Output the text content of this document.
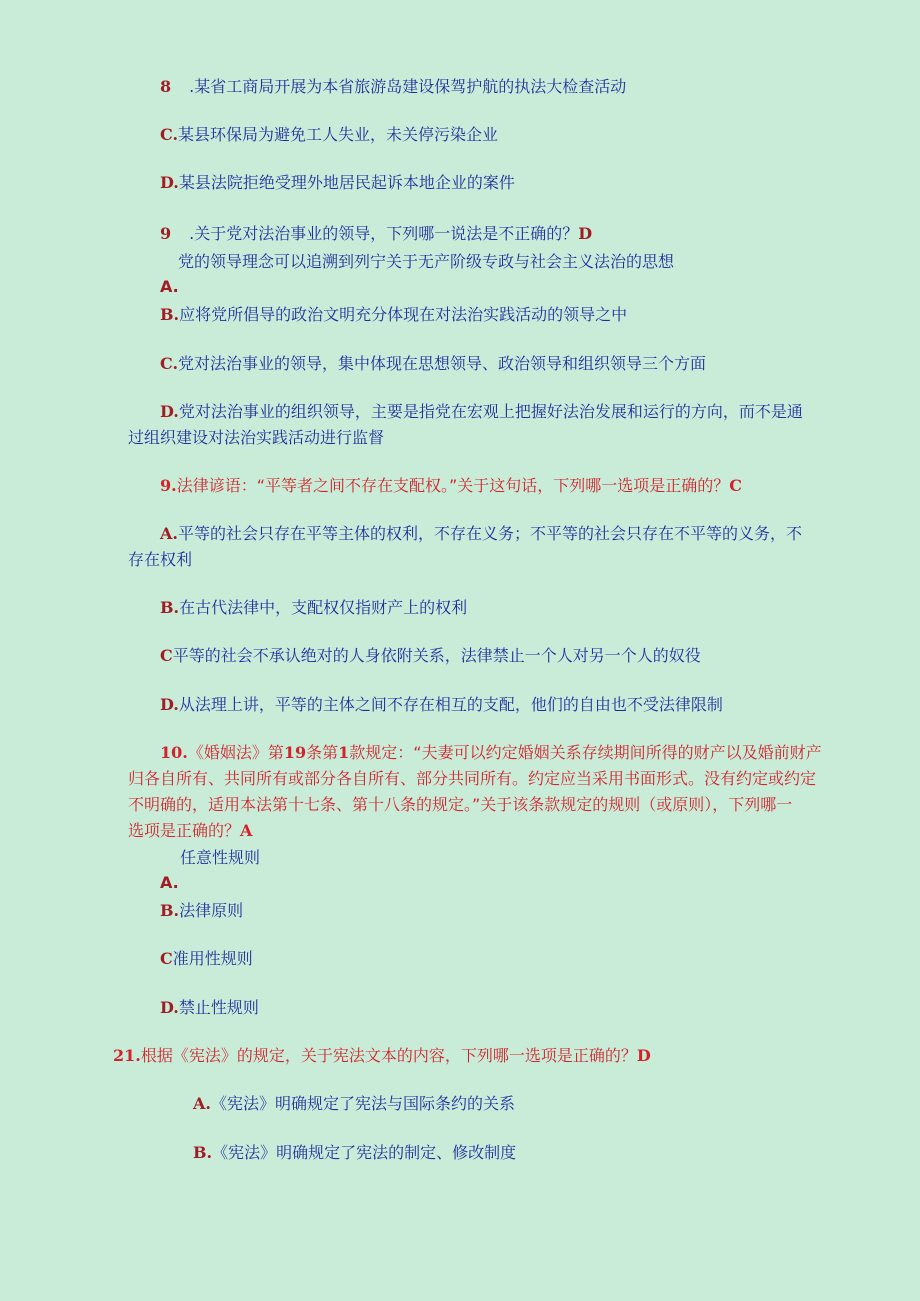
8 .某省工商局开展为本省旅游岛建设保驾护航的执法大检查活动
C.某县环保局为避免工人失业，未关停污染企业
D.某县法院拒绝受理外地居民起诉本地企业的案件
9 .关于党对法治事业的领导，下列哪一说法是不正确的？D
党的领导理念可以追溯到列宁关于无产阶级专政与社会主义法治的思想
A.
B.应将党所倡导的政治文明充分体现在对法治实践活动的领导之中
C.党对法治事业的领导，集中体现在思想领导、政治领导和组织领导三个方面
D.党对法治事业的组织领导，主要是指党在宏观上把握好法治发展和运行的方向，而不是通
过组织建设对法治实践活动进行监督
9.法律谚语：“平等者之间不存在支配权。”关于这句话，下列哪一选项是正确的？C
A.平等的社会只存在平等主体的权利，不存在义务；不平等的社会只存在不平等的义务，不
存在权利
B.在古代法律中，支配权仅指财产上的权利
C平等的社会不承认绝对的人身依附关系，法律禁止一个人对另一个人的奴役
D.从法理上讲，平等的主体之间不存在相互的支配，他们的自由也不受法律限制
10.《婚姻法》第19条第1款规定：“夫妻可以约定婚姻关系存续期间所得的财产以及婚前财产
归各自所有、共同所有或部分各自所有、部分共同所有。约定应当采用书面形式。没有约定或约定
不明确的，适用本法第十七条、第十八条的规定。”关于该条款规定的规则（或原则），下列哪一
选项是正确的？A
任意性规则
A.
B.法律原则
C准用性规则
D.禁止性规则
21.根据《宪法》的规定，关于宪法文本的内容，下列哪一选项是正确的？D
A.《宪法》明确规定了宪法与国际条约的关系
B.《宪法》明确规定了宪法的制定、修改制度
